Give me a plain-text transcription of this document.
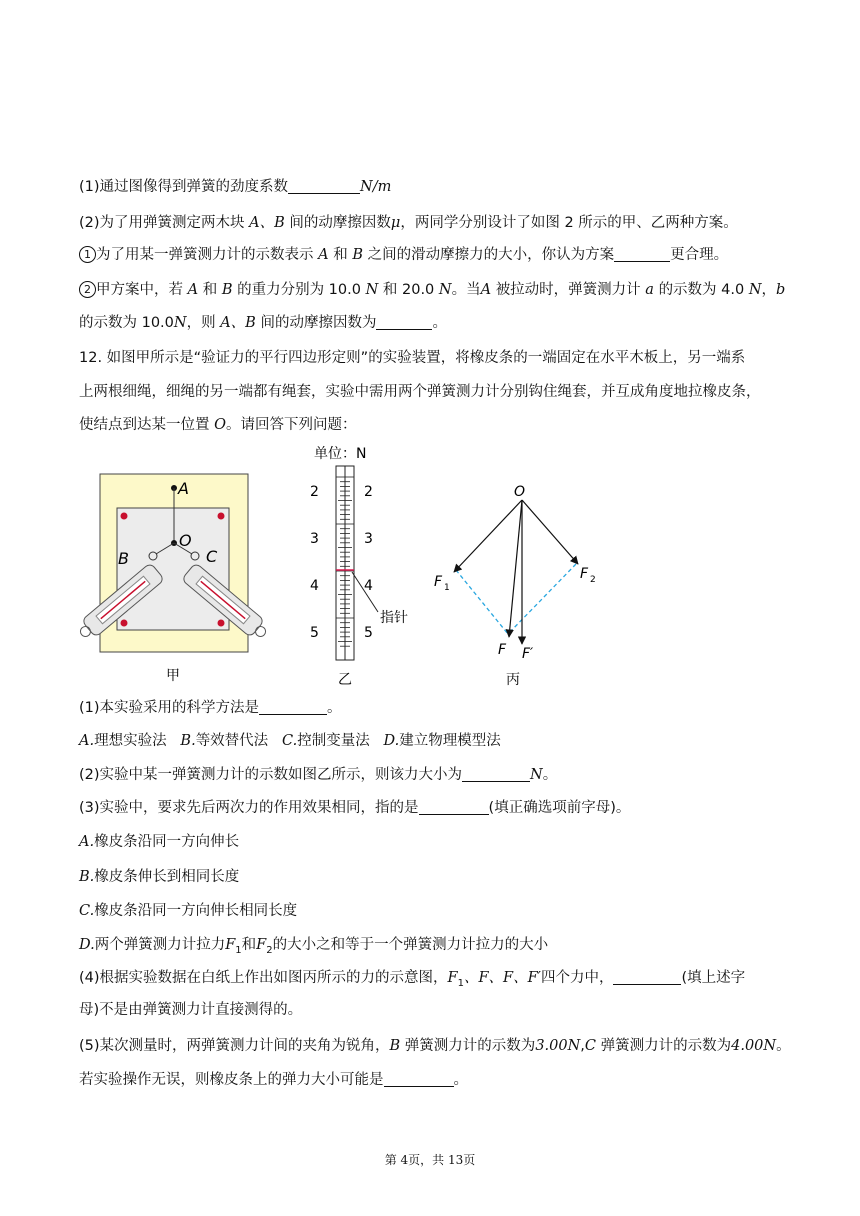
(1)通过图像得到弹簧的劲度系数	N/m
(2)为了用弹簧测定两木块 A、B 间的动摩擦因数μ，两同学分别设计了如图 2 所示的甲、乙两种方案。
1 为了用某一弹簧测力计的示数表示 A 和 B 之间的滑动摩擦力的大小，你认为方案	更合理。
2 甲方案中，若 A 和 B 的重力分别为 10.0 N 和 20.0 N。当A 被拉动时，弹簧测力计 a 的示数为 4.0 N，b
的示数为 10.0N，则 A、B 间的动摩擦因数为	。
12. 如图甲所示是“验证力的平行四边形定则”的实验装置，将橡皮条的一端固定在水平木板上，另一端系
上两根细绳，细绳的另一端都有绳套，实验中需用两个弹簧测力计分别钩住绳套，并互成角度地拉橡皮条，
使结点到达某一位置 O。请回答下列问题：
A
O
B	C
甲
单位：N
2
3
4
5
2
3
4
5
指针
乙
O
F 1
F 2
F F′
丙
(1)本实验采用的科学方法是	。
A.理想实验法 B.等效替代法 C.控制变量法 D.建立物理模型法
(2)实验中某一弹簧测力计的示数如图乙所示，则该力大小为	N。
(3)实验中，要求先后两次力的作用效果相同，指的是	(填正确选项前字母)。
A.橡皮条沿同一方向伸长
B.橡皮条伸长到相同长度
C.橡皮条沿同一方向伸长相同长度
D.两个弹簧测力计拉力$F_1$和$F_2$的大小之和等于一个弹簧测力计拉力的大小
(4)根据实验数据在白纸上作出如图丙所示的力的示意图，$F_1$、F、F、F′四个力中，	(填上述字
母)不是由弹簧测力计直接测得的。
(5)某次测量时，两弹簧测力计间的夹角为锐角，B 弹簧测力计的示数为3.00N,C 弹簧测力计的示数为4.00N。
若实验操作无误，则橡皮条上的弹力大小可能是	。
第 4页，共 13页
